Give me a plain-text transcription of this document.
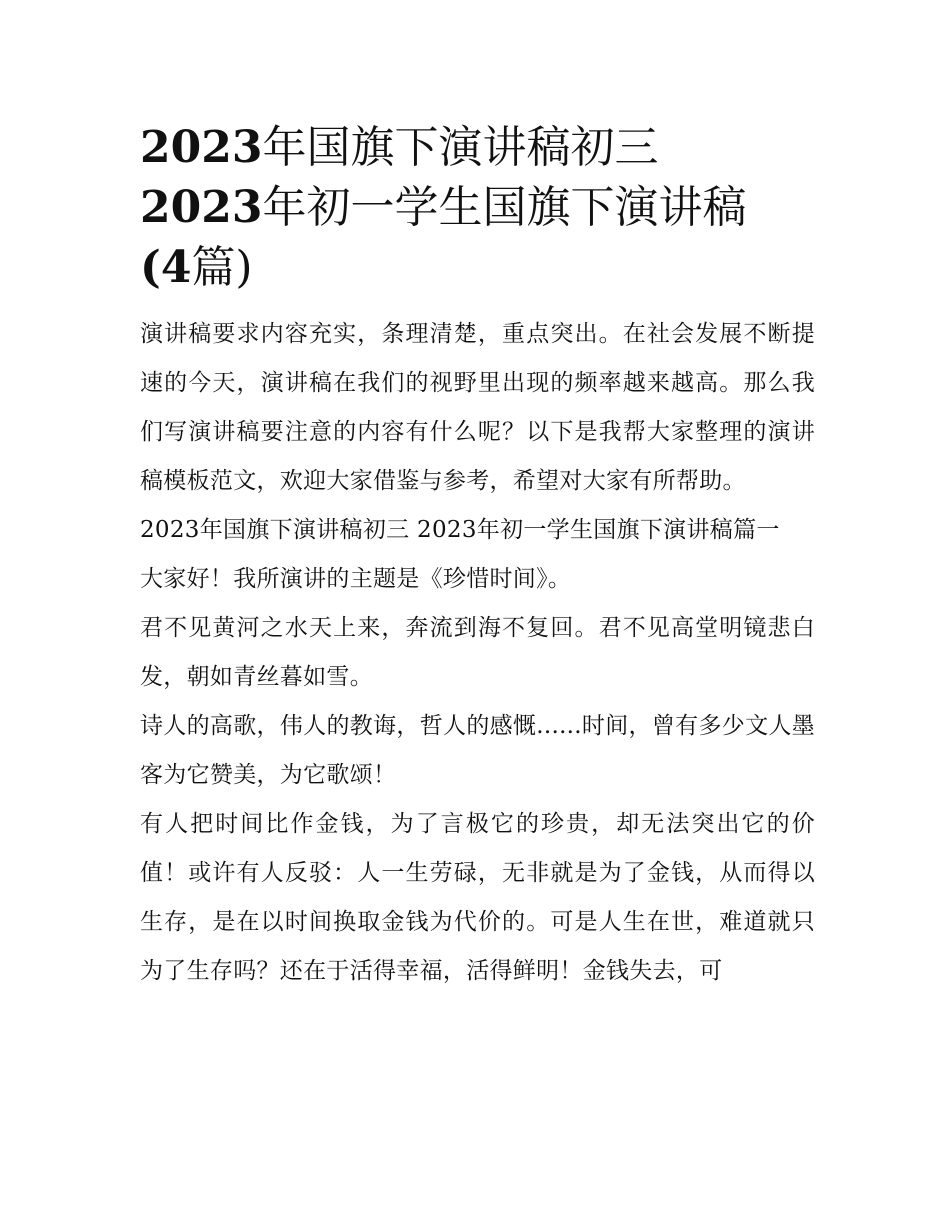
2023年国旗下演讲稿初三
2023年初一学生国旗下演讲稿
(4篇)

演讲稿要求内容充实，条理清楚，重点突出。在社会发展不断提速的今天，演讲稿在我们的视野里出现的频率越来越高。那么我们写演讲稿要注意的内容有什么呢？以下是我帮大家整理的演讲稿模板范文，欢迎大家借鉴与参考，希望对大家有所帮助。

2023年国旗下演讲稿初三 2023年初一学生国旗下演讲稿篇一

大家好！我所演讲的主题是《珍惜时间》。

君不见黄河之水天上来，奔流到海不复回。君不见高堂明镜悲白发，朝如青丝暮如雪。

诗人的高歌，伟人的教诲，哲人的感慨......时间，曾有多少文人墨客为它赞美，为它歌颂！

有人把时间比作金钱，为了言极它的珍贵，却无法突出它的价值！或许有人反驳：人一生劳碌，无非就是为了金钱，从而得以生存，是在以时间换取金钱为代价的。可是人生在世，难道就只为了生存吗？还在于活得幸福，活得鲜明！金钱失去，可
